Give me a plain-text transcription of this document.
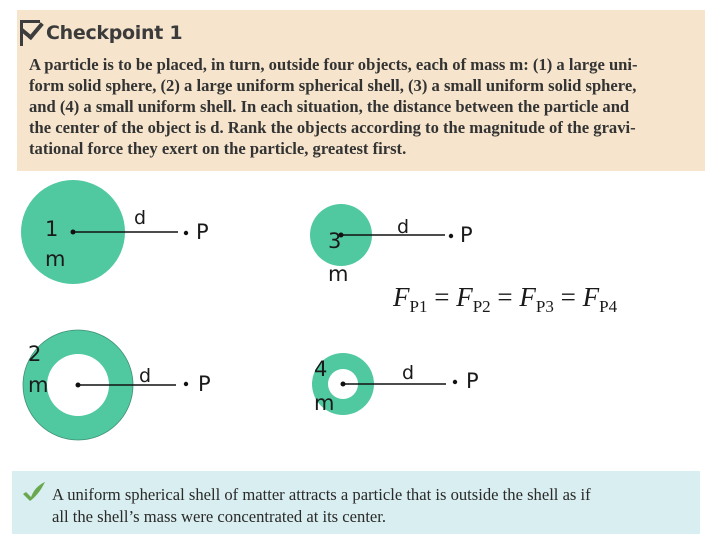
Checkpoint 1
A particle is to be placed, in turn, outside four objects, each of mass m: (1) a large uni-
form solid sphere, (2) a large uniform spherical shell, (3) a small uniform solid sphere,
and (4) a small uniform shell. In each situation, the distance between the particle and
the center of the object is d. Rank the objects according to the magnitude of the gravi-
tational force they exert on the particle, greatest first.
1
m
d
P
2
m	d P
3
m
d P
4
m
d P
$F_{P1} = F_{P2} = F_{P3} = F_{P4}$
A uniform spherical shell of matter attracts a particle that is outside the shell as if
all the shell’s mass were concentrated at its center.
